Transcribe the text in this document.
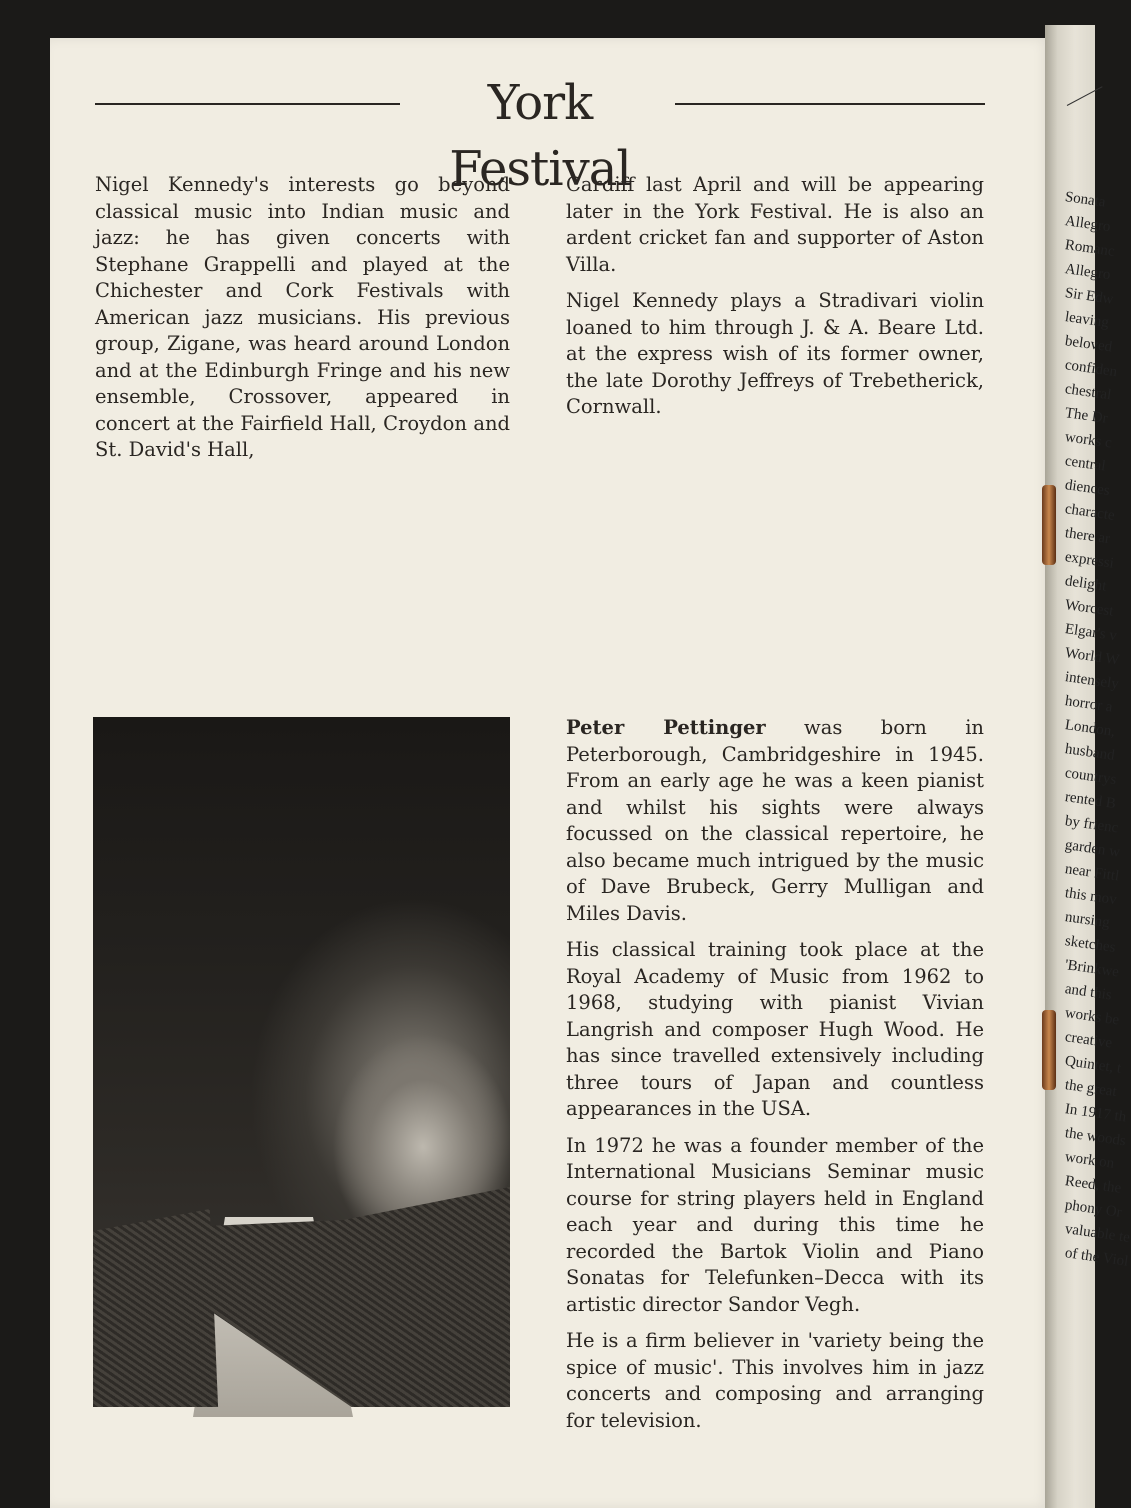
Sonata
Allegro
Romanc
Allegro
Sir Edw
leaving
beloved
confiden
chestral
The Dr
works c
central
diences
characte
there ar
expressi
delight
Worcest
Elgar's v
World W
intensely
horror a
London,
husband
countrys
rented B
by frienc
garden w
near Fittl
this mov
nursing
sketches
'Brinkwe
and this
works be
creative
Quintet, t
the great
In 1917 th
the woods
work on
Reed, the
phony Or
valuable te
of the Viol
York Festival

Nigel Kennedy's interests go beyond classical music into Indian music and jazz: he has given concerts with Stephane Grappelli and played at the Chichester and Cork Festivals with American jazz musicians. His previous group, Zigane, was heard around London and at the Edinburgh Fringe and his new ensemble, Crossover, appeared in concert at the Fairfield Hall, Croydon and St. David's Hall,

Cardiff last April and will be appearing later in the York Festival. He is also an ardent cricket fan and supporter of Aston Villa.

Nigel Kennedy plays a Stradivari violin loaned to him through J. & A. Beare Ltd. at the express wish of its former owner, the late Dorothy Jeffreys of Trebetherick, Cornwall.

Peter Pettinger was born in Peterborough, Cambridgeshire in 1945. From an early age he was a keen pianist and whilst his sights were always focussed on the classical repertoire, he also became much intrigued by the music of Dave Brubeck, Gerry Mulligan and Miles Davis.

His classical training took place at the Royal Academy of Music from 1962 to 1968, studying with pianist Vivian Langrish and composer Hugh Wood. He has since travelled extensively including three tours of Japan and countless appearances in the USA.

In 1972 he was a founder member of the International Musicians Seminar music course for string players held in England each year and during this time he recorded the Bartok Violin and Piano Sonatas for Telefunken–Decca with its artistic director Sandor Vegh.

He is a firm believer in 'variety being the spice of music'. This involves him in jazz concerts and composing and arranging for television.
